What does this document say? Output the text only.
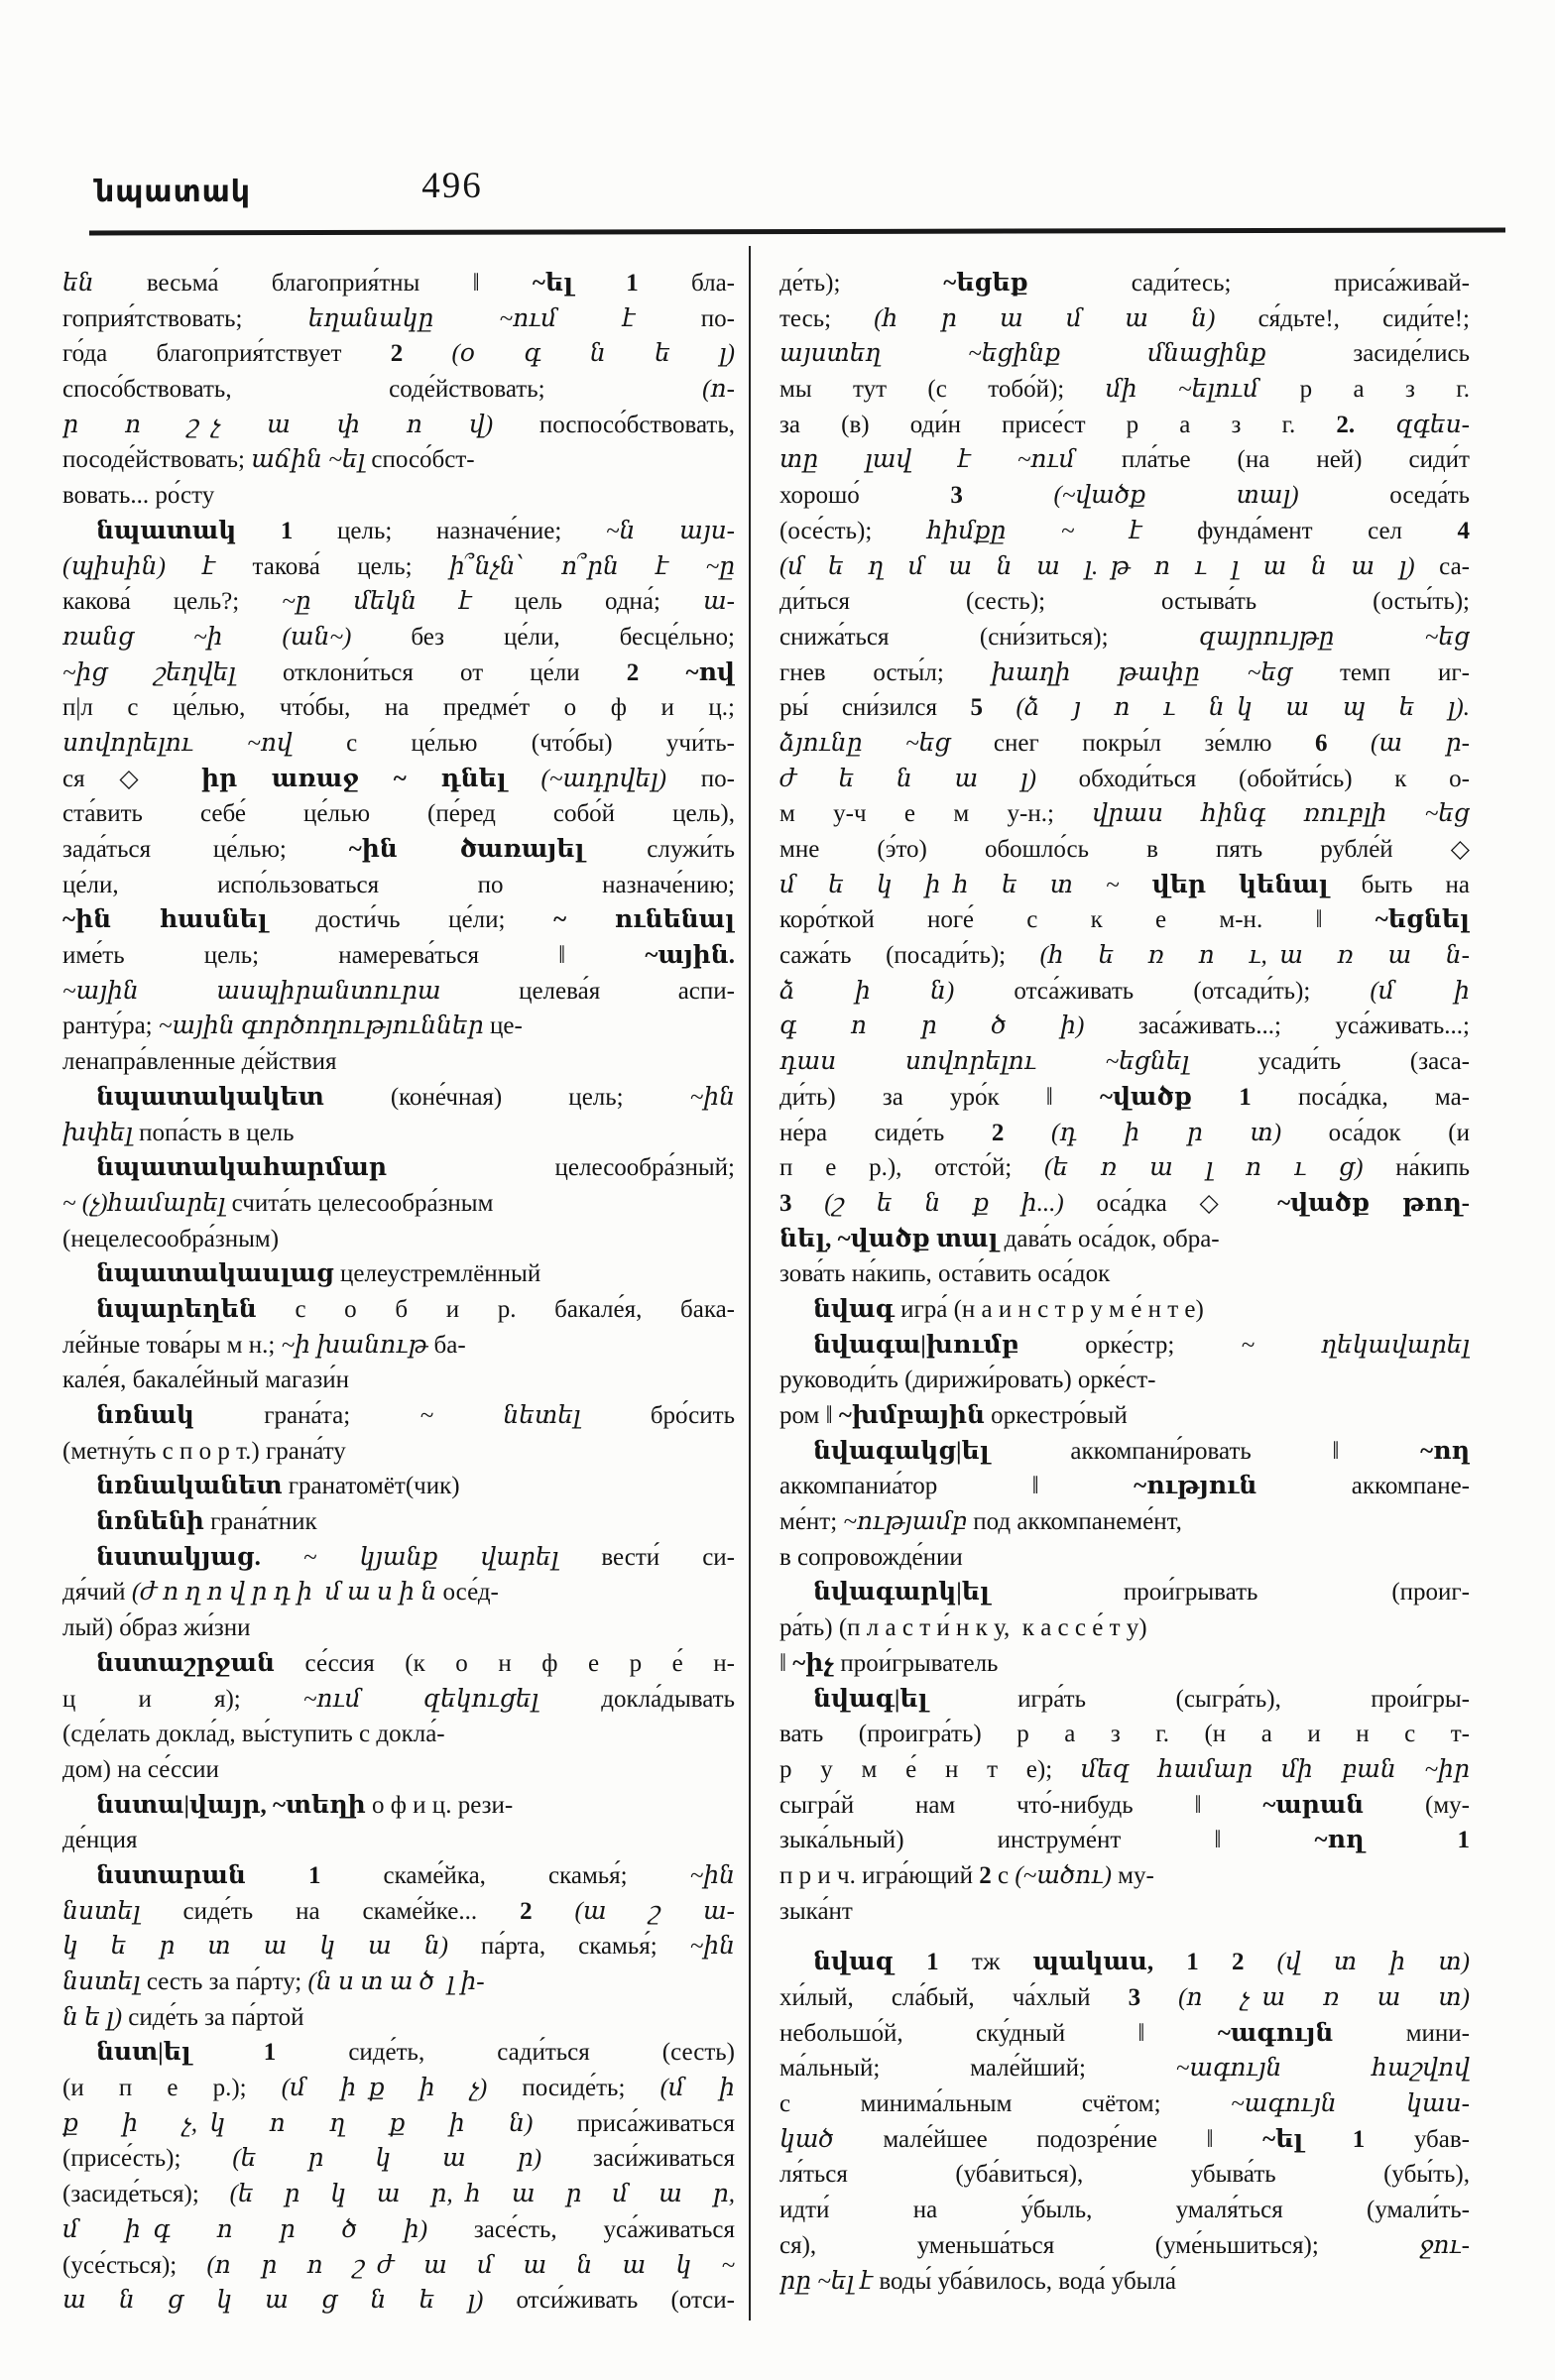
նպատակ	496
են весьма́ благоприя́тны ‖ ~ել 1 бла-
гоприя́тствовать; եղանակը ~ում է по-
го́да благоприя́тствует 2 (օ գ ն ե լ)
спосо́бствовать, соде́йствовать; (ո-
ր ո շ չ ա փ ո վ) поспосо́бствовать,
посоде́йствовать; աճին ~ել спосо́бст-
вовать... ро́сту
նպատակ 1 цель; назначе́ние; ~ն այս-
(պիսին) է такова́ цель; ի՞նչն՝ ո՞րն է ~ը
какова́ цель?; ~ը մեկն է цель одна́; ա-
ռանց ~ի (ան~) без це́ли, бесце́льно;
~ից շեղվել отклони́ться от це́ли 2 ~ով
п|л с це́лью, что́бы, на предме́т о ф и ц.;
սովորելու ~ով с це́лью (что́бы) учи́ть-
ся ◇ իր առաջ ~ դնել (~ադրվել) по-
ста́вить себе́ це́лью (пе́ред собо́й цель),
зада́ться це́лью; ~ին ծառայել служи́ть
це́ли, испо́льзоваться по назначе́нию;
~ին հասնել дости́чь це́ли; ~ ունենալ
име́ть цель; намерева́ться ‖ ~ային.
~ային ասպիրանտուրա целева́я аспи-
ранту́ра; ~ային գործողություններ це-
ленапра́вленные де́йствия
նպատակակետ (коне́чная) цель; ~ին
խփել попа́сть в цель
նպատակահարմար целесообра́зный;
~ (չ)համարել счита́ть целесообра́зным
(нецелесообра́зным)
նպատակասլաց целеустремлённый
նպարեղեն с о б и р. бакале́я, бака-
ле́йные това́ры м н.; ~ի խանութ ба-
кале́я, бакале́йный магази́н
նռնակ грана́та; ~ նետել бро́сить
(метну́ть с п о р т.) грана́ту
նռնականետ гранатомёт(чик)
նռնենի грана́тник
նստակյաց. ~ կյանք վարել вести́ си-
дя́чий (ժ ո ղ ո վ ր դ ի մ ա ս ի ն осе́д-
лый) о́браз жи́зни
նստաշրջան се́ссия (к о н ф е р е́ н-
ц и я); ~ում զեկուցել докла́дывать
(сде́лать докла́д, вы́ступить с докла́-
дом) на се́ссии
նստա|վայր, ~տեղի о ф и ц. рези-
де́нция
նստարան 1 скаме́йка, скамья́; ~ին
նստել сиде́ть на скаме́йке... 2 (ա շ ա-
կ ե ր տ ա կ ա ն) па́рта, скамья́; ~ին
նստել сесть за па́рту; (ն ս տ ա ծ լ ի-
ն ե լ) сиде́ть за па́ртой
նստ|ել 1 сиде́ть, сади́ться (сесть)
(и п е р.); (մ ի ք ի չ) посиде́ть; (մ ի
ք ի չ, կ ո ղ ք ի ն) приса́живаться
(присе́сть); (ե ր կ ա ր) заси́живаться
(засиде́ться); (ե ր կ ա ր, հ ա ր մ ա ր,
մ ի գ ո ր ծ ի) засе́сть, уса́живаться
(усе́сться); (ո ր ո շ ժ ա մ ա ն ա կ ~
ա ն ց կ ա ց ն ե լ) отси́живать (отси-
де́ть); ~եցեք сади́тесь; приса́живай-
тесь; (հ ր ա մ ա ն) ся́дьте!, сиди́те!;
այստեղ ~եցինք մնացինք засиде́лись
мы тут (с тобо́й); մի ~ելում р а з г.
за (в) оди́н присе́ст р а з г. 2. զգես-
տը լավ է ~ում пла́тье (на ней) сиди́т
хорошо́ 3 (~վածք տալ) оседа́ть
(осе́сть); հիմքը ~ է фунда́мент сел 4
(մ ե ղ մ ա ն ա լ. թ ո ւ լ ա ն ա լ) са-
ди́ться (сесть); остыва́ть (осты́ть);
снижа́ться (сни́зиться); զայրույթը ~եց
гнев осты́л; խաղի թափը ~եց темп иг-
ры́ сни́зился 5 (ձ յ ո ւ ն կ ա պ ե լ).
ձյունը ~եց снег покры́л зе́млю 6 (ա ր-
ժ ե ն ա լ) обходи́ться (обойти́сь) к о-
м у-ч е м у-н.; վրաս հինգ ռուբլի ~եց
мне (э́то) обошло́сь в пять рубле́й ◇
մ ե կ ի հ ե տ ~ վեր կենալ быть на
коро́ткой ноге́ с к е м-н. ‖ ~եցնել
сажа́ть (посади́ть); (հ ե ռ ո ւ, ա ռ ա ն-
ձ ի ն) отса́живать (отсади́ть); (մ ի
գ ո ր ծ ի) заса́живать...; уса́живать...;
դաս սովորելու ~եցնել усади́ть (заса-
ди́ть) за уро́к ‖ ~վածք 1 поса́дка, ма-
не́ра сиде́ть 2 (դ ի ր տ) оса́док (и
п е р.), отсто́й; (ե ռ ա լ ո ւ ց) на́кипь
3 (շ ե ն ք ի...) оса́дка ◇ ~վածք թող-
նել, ~վածք տալ дава́ть оса́док, обра-
зова́ть на́кипь, оста́вить оса́док
նվագ игра́ (н а и н с т р у м е́ н т е)
նվագա|խումբ орке́стр; ~ ղեկավարել
руководи́ть (дирижи́ровать) орке́ст-
ром ‖ ~խմբային оркестро́вый
նվագակց|ել аккомпани́ровать ‖ ~ող
аккомпаниа́тор ‖ ~ություն аккомпане-
ме́нт; ~ությամբ под аккомпанеме́нт,
в сопровожде́нии
նվագարկ|ել прои́грывать (проиг-
ра́ть) (п л а с т и́ н к у, к а с с е́ т у)
‖ ~իչ прои́грыватель
նվագ|ել игра́ть (сыгра́ть), прои́гры-
вать (проигра́ть) р а з г. (н а и н с т-
р у м е́ н т е); մեզ համար մի բան ~իր
сыгра́й нам что́-нибудь ‖ ~արան (му-
зыка́льный) инструме́нт ‖ ~ող 1
п р и ч. игра́ющий 2 с (~ածու) му-
зыка́нт
նվազ 1 тж պակաս, 1 2 (վ տ ի տ)
хи́лый, сла́бый, ча́хлый 3 (ո չ ա ռ ա տ)
небольшо́й, ску́дный ‖ ~ագույն мини-
ма́льный; мале́йший; ~ագույն հաշվով
с минима́льным счётом; ~ագույն կաս-
կած мале́йшее подозре́ние ‖ ~ել 1 убав-
ля́ться (уба́виться), убыва́ть (убы́ть),
идти́ на у́быль, умаля́ться (умали́ть-
ся), уменьша́ться (уме́ньшиться); ջու-
րը ~ել է воды́ уба́вилось, вода́ убыла́
